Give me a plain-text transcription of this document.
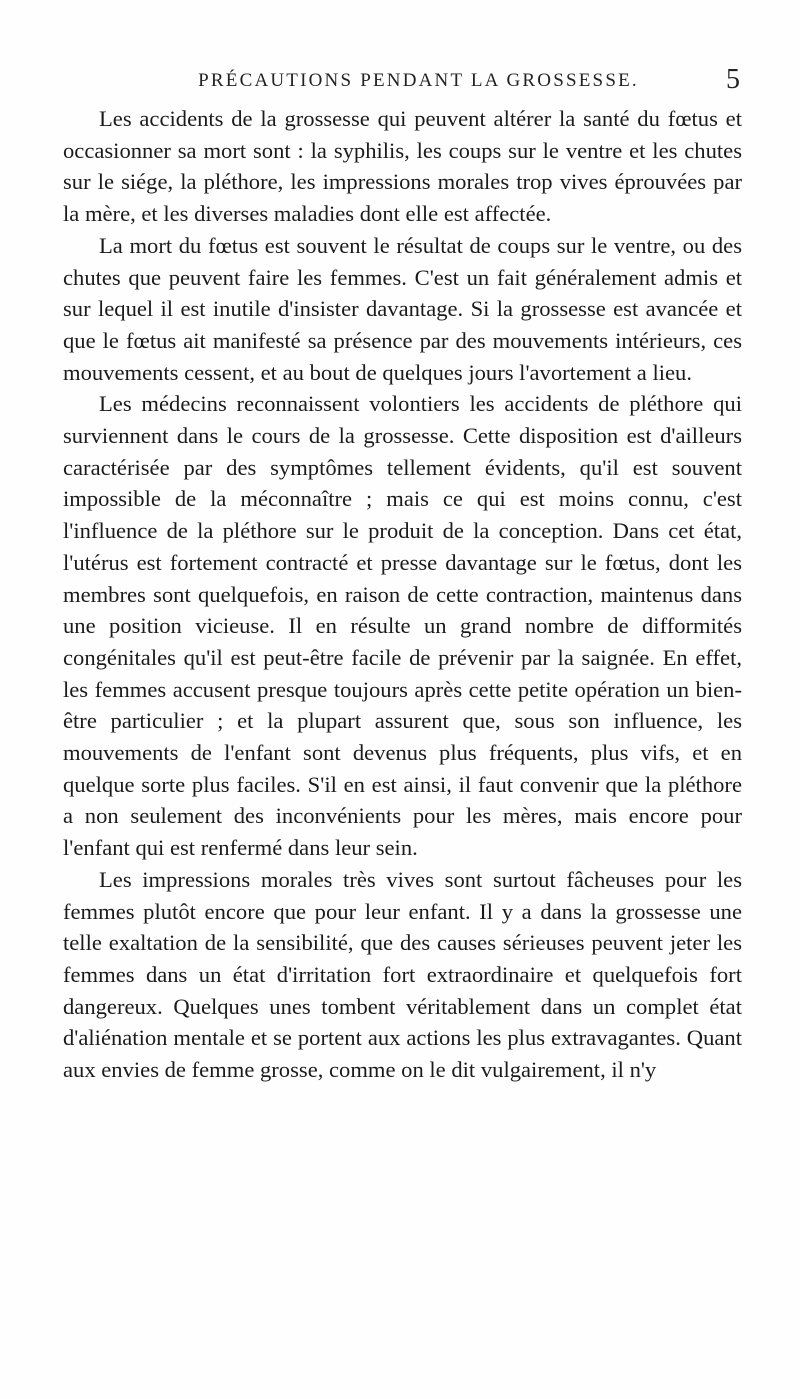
PRÉCAUTIONS PENDANT LA GROSSESSE.	5

Les accidents de la grossesse qui peuvent altérer la santé du fœtus et occasionner sa mort sont : la syphilis, les coups sur le ventre et les chutes sur le siége, la pléthore, les impressions morales trop vives éprouvées par la mère, et les diverses maladies dont elle est affectée.

La mort du fœtus est souvent le résultat de coups sur le ventre, ou des chutes que peuvent faire les femmes. C'est un fait généralement admis et sur lequel il est inutile d'insister davantage. Si la grossesse est avancée et que le fœtus ait manifesté sa présence par des mouvements intérieurs, ces mouvements cessent, et au bout de quelques jours l'avortement a lieu.

Les médecins reconnaissent volontiers les accidents de pléthore qui surviennent dans le cours de la grossesse. Cette disposition est d'ailleurs caractérisée par des symptômes tellement évidents, qu'il est souvent impossible de la méconnaître ; mais ce qui est moins connu, c'est l'influence de la pléthore sur le produit de la conception. Dans cet état, l'utérus est fortement contracté et presse davantage sur le fœtus, dont les membres sont quelquefois, en raison de cette contraction, maintenus dans une position vicieuse. Il en résulte un grand nombre de difformités congénitales qu'il est peut-être facile de prévenir par la saignée. En effet, les femmes accusent presque toujours après cette petite opération un bien-être particulier ; et la plupart assurent que, sous son influence, les mouvements de l'enfant sont devenus plus fréquents, plus vifs, et en quelque sorte plus faciles. S'il en est ainsi, il faut convenir que la pléthore a non seulement des inconvénients pour les mères, mais encore pour l'enfant qui est renfermé dans leur sein.

Les impressions morales très vives sont surtout fâcheuses pour les femmes plutôt encore que pour leur enfant. Il y a dans la grossesse une telle exaltation de la sensibilité, que des causes sérieuses peuvent jeter les femmes dans un état d'irritation fort extraordinaire et quelquefois fort dangereux. Quelques unes tombent véritablement dans un complet état d'aliénation mentale et se portent aux actions les plus extravagantes. Quant aux envies de femme grosse, comme on le dit vulgairement, il n'y
